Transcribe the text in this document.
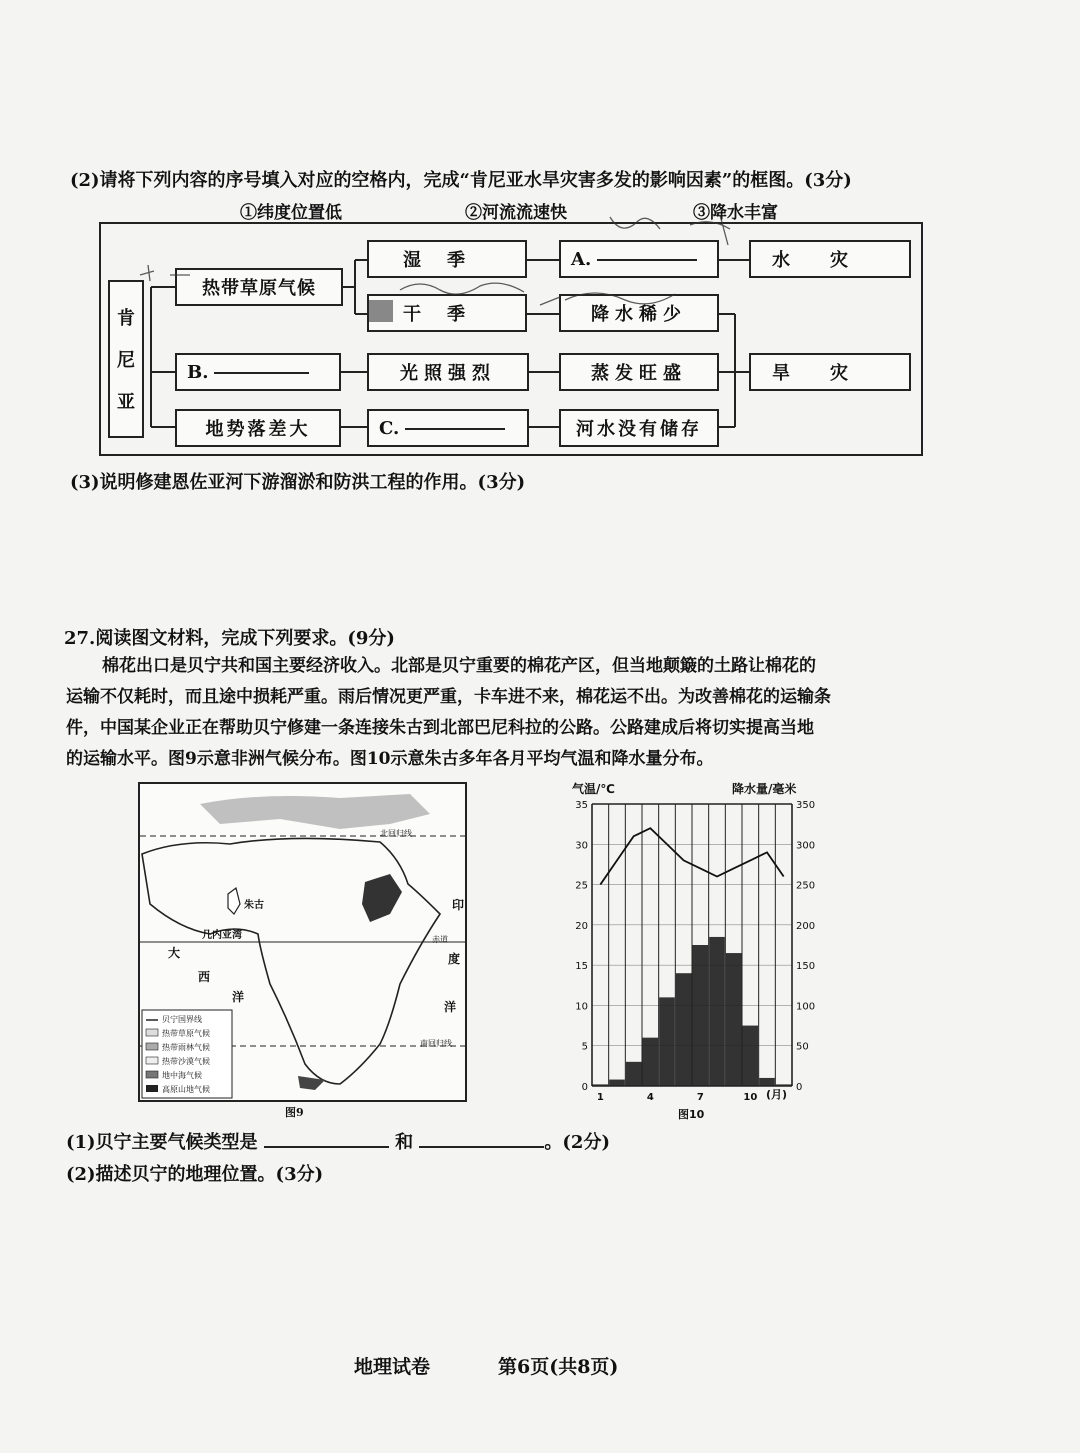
(2)请将下列内容的序号填入对应的空格内，完成“肯尼亚水旱灾害多发的影响因素”的框图。(3分)
①纬度位置低	②河流流速快	③降水丰富
肯
尼
亚
热带草原气候
B.
地势落差大
湿季
干季
光照强烈
C.
A.
降水稀少
蒸发旺盛
河水没有储存
水灾
旱灾
(3)说明修建恩佐亚河下游溜淤和防洪工程的作用。(3分)
27.阅读图文材料，完成下列要求。(9分)
棉花出口是贝宁共和国主要经济收入。北部是贝宁重要的棉花产区，但当地颠簸的土路让棉花的
运输不仅耗时，而且途中损耗严重。雨后情况更严重，卡车进不来，棉花运不出。为改善棉花的运输条
件，中国某企业正在帮助贝宁修建一条连接朱古到北部巴尼科拉的公路。公路建成后将切实提高当地
的运输水平。图9示意非洲气候分布。图10示意朱古多年各月平均气温和降水量分布。
北回归线
朱古
几内亚湾
大
西
洋
赤道
印
度
洋
南回归线
贝宁国界线
热带草原气候
热带雨林气候
热带沙漠气候
地中海气候
高原山地气候
图9
气温/℃	降水量/毫米
0
5
10
15
20
25
30
35
0
50
100
150
200
250
300
350
1	4	7	10 (月)
图10
(1)贝宁主要气候类型是	和	。(2分)
(2)描述贝宁的地理位置。(3分)
地理试卷	第6页(共8页)
